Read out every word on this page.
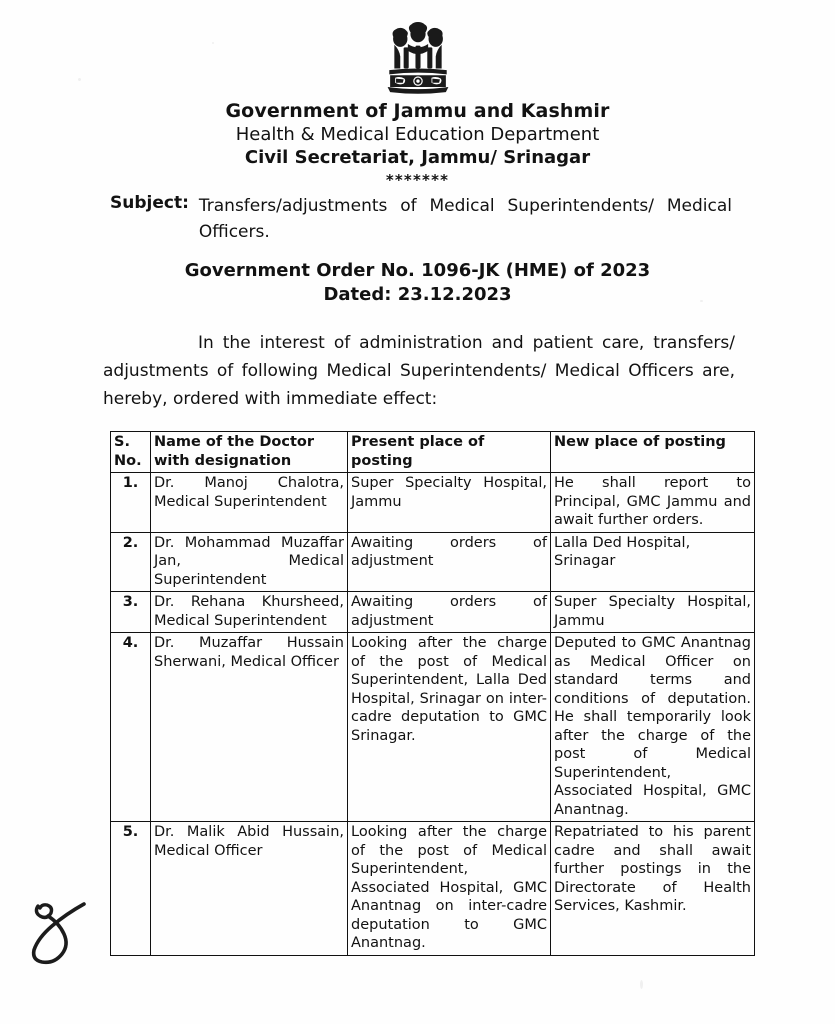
Government of Jammu and Kashmir
Health & Medical Education Department
Civil Secretariat, Jammu/ Srinagar
*******
Subject: Transfers/adjustments of Medical Superintendents/ Medical Officers.
Government Order No. 1096-JK (HME) of 2023
Dated: 23.12.2023
In the interest of administration and patient care, transfers/ adjustments of following Medical Superintendents/ Medical Officers are, hereby, ordered with immediate effect:
S. No.	Name of the Doctor with designation	Present place of posting	New place of posting
1.	Dr. Manoj Chalotra, Medical Superintendent	Super Specialty Hospital, Jammu	He shall report to Principal, GMC Jammu and await further orders.
2.	Dr. Mohammad Muzaffar Jan, Medical Superintendent	Awaiting orders of adjustment	Lalla Ded Hospital, Srinagar
3.	Dr. Rehana Khursheed, Medical Superintendent	Awaiting orders of adjustment	Super Specialty Hospital, Jammu
4.	Dr. Muzaffar Hussain Sherwani, Medical Officer	Looking after the charge of the post of Medical Superintendent, Lalla Ded Hospital, Srinagar on inter-cadre deputation to GMC Srinagar.	Deputed to GMC Anantnag as Medical Officer on standard terms and conditions of deputation. He shall temporarily look after the charge of the post of Medical Superintendent, Associated Hospital, GMC Anantnag.
5.	Dr. Malik Abid Hussain, Medical Officer	Looking after the charge of the post of Medical Superintendent, Associated Hospital, GMC Anantnag on inter-cadre deputation to GMC Anantnag.	Repatriated to his parent cadre and shall await further postings in the Directorate of Health Services, Kashmir.
